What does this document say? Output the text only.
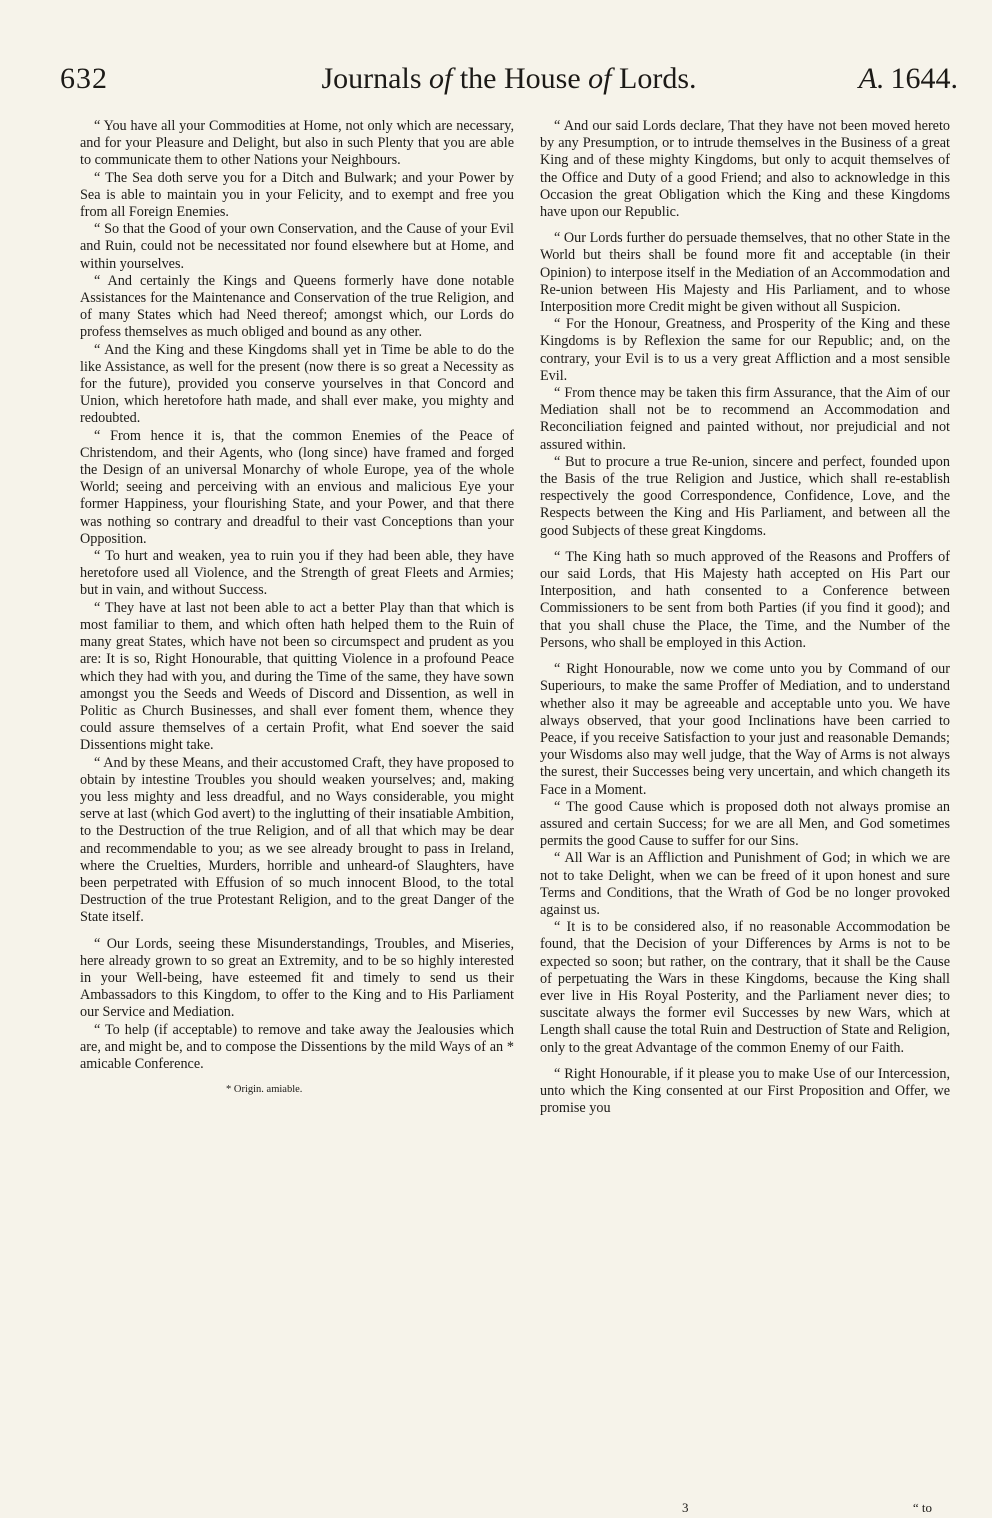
632	Journals of the House of Lords.	A. 1644.

“ You have all your Commodities at Home, not only which are necessary, and for your Pleasure and Delight, but also in such Plenty that you are able to communicate them to other Nations your Neighbours.

“ The Sea doth serve you for a Ditch and Bulwark; and your Power by Sea is able to maintain you in your Felicity, and to exempt and free you from all Foreign Enemies.

“ So that the Good of your own Conservation, and the Cause of your Evil and Ruin, could not be necessitated nor found elsewhere but at Home, and within yourselves.

“ And certainly the Kings and Queens formerly have done notable Assistances for the Maintenance and Conservation of the true Religion, and of many States which had Need thereof; amongst which, our Lords do profess themselves as much obliged and bound as any other.

“ And the King and these Kingdoms shall yet in Time be able to do the like Assistance, as well for the present (now there is so great a Necessity as for the future), provided you conserve yourselves in that Concord and Union, which heretofore hath made, and shall ever make, you mighty and redoubted.

“ From hence it is, that the common Enemies of the Peace of Christendom, and their Agents, who (long since) have framed and forged the Design of an universal Monarchy of whole Europe, yea of the whole World; seeing and perceiving with an envious and malicious Eye your former Happiness, your flourishing State, and your Power, and that there was nothing so contrary and dreadful to their vast Conceptions than your Opposition.

“ To hurt and weaken, yea to ruin you if they had been able, they have heretofore used all Violence, and the Strength of great Fleets and Armies; but in vain, and without Success.

“ They have at last not been able to act a better Play than that which is most familiar to them, and which often hath helped them to the Ruin of many great States, which have not been so circumspect and prudent as you are: It is so, Right Honourable, that quitting Violence in a profound Peace which they had with you, and during the Time of the same, they have sown amongst you the Seeds and Weeds of Discord and Dissention, as well in Politic as Church Businesses, and shall ever foment them, whence they could assure themselves of a certain Profit, what End soever the said Dissentions might take.

“ And by these Means, and their accustomed Craft, they have proposed to obtain by intestine Troubles you should weaken yourselves; and, making you less mighty and less dreadful, and no Ways considerable, you might serve at last (which God avert) to the inglutting of their insatiable Ambition, to the Destruction of the true Religion, and of all that which may be dear and recommendable to you; as we see already brought to pass in Ireland, where the Cruelties, Murders, horrible and unheard-of Slaughters, have been perpetrated with Effusion of so much innocent Blood, to the total Destruction of the true Protestant Religion, and to the great Danger of the State itself.

“ Our Lords, seeing these Misunderstandings, Troubles, and Miseries, here already grown to so great an Extremity, and to be so highly interested in your Well-being, have esteemed fit and timely to send us their Ambassadors to this Kingdom, to offer to the King and to His Parliament our Service and Mediation.

“ To help (if acceptable) to remove and take away the Jealousies which are, and might be, and to compose the Dissentions by the mild Ways of an * amicable Conference.

* Origin. amiable.

“ And our said Lords declare, That they have not been moved hereto by any Presumption, or to intrude themselves in the Business of a great King and of these mighty Kingdoms, but only to acquit themselves of the Office and Duty of a good Friend; and also to acknowledge in this Occasion the great Obligation which the King and these Kingdoms have upon our Republic.

“ Our Lords further do persuade themselves, that no other State in the World but theirs shall be found more fit and acceptable (in their Opinion) to interpose itself in the Mediation of an Accommodation and Re-union between His Majesty and His Parliament, and to whose Interposition more Credit might be given without all Suspicion.

“ For the Honour, Greatness, and Prosperity of the King and these Kingdoms is by Reflexion the same for our Republic; and, on the contrary, your Evil is to us a very great Affliction and a most sensible Evil.

“ From thence may be taken this firm Assurance, that the Aim of our Mediation shall not be to recommend an Accommodation and Reconciliation feigned and painted without, nor prejudicial and not assured within.

“ But to procure a true Re-union, sincere and perfect, founded upon the Basis of the true Religion and Justice, which shall re-establish respectively the good Correspondence, Confidence, Love, and the Respects between the King and His Parliament, and between all the good Subjects of these great Kingdoms.

“ The King hath so much approved of the Reasons and Proffers of our said Lords, that His Majesty hath accepted on His Part our Interposition, and hath consented to a Conference between Commissioners to be sent from both Parties (if you find it good); and that you shall chuse the Place, the Time, and the Number of the Persons, who shall be employed in this Action.

“ Right Honourable, now we come unto you by Command of our Superiours, to make the same Proffer of Mediation, and to understand whether also it may be agreeable and acceptable unto you. We have always observed, that your good Inclinations have been carried to Peace, if you receive Satisfaction to your just and reasonable Demands; your Wisdoms also may well judge, that the Way of Arms is not always the surest, their Successes being very uncertain, and which changeth its Face in a Moment.

“ The good Cause which is proposed doth not always promise an assured and certain Success; for we are all Men, and God sometimes permits the good Cause to suffer for our Sins.

“ All War is an Affliction and Punishment of God; in which we are not to take Delight, when we can be freed of it upon honest and sure Terms and Conditions, that the Wrath of God be no longer provoked against us.

“ It is to be considered also, if no reasonable Accommodation be found, that the Decision of your Differences by Arms is not to be expected so soon; but rather, on the contrary, that it shall be the Cause of perpetuating the Wars in these Kingdoms, because the King shall ever live in His Royal Posterity, and the Parliament never dies; to suscitate always the former evil Successes by new Wars, which at Length shall cause the total Ruin and Destruction of State and Religion, only to the great Advantage of the common Enemy of our Faith.

“ Right Honourable, if it please you to make Use of our Intercession, unto which the King consented at our First Proposition and Offer, we promise you

3	“ to
